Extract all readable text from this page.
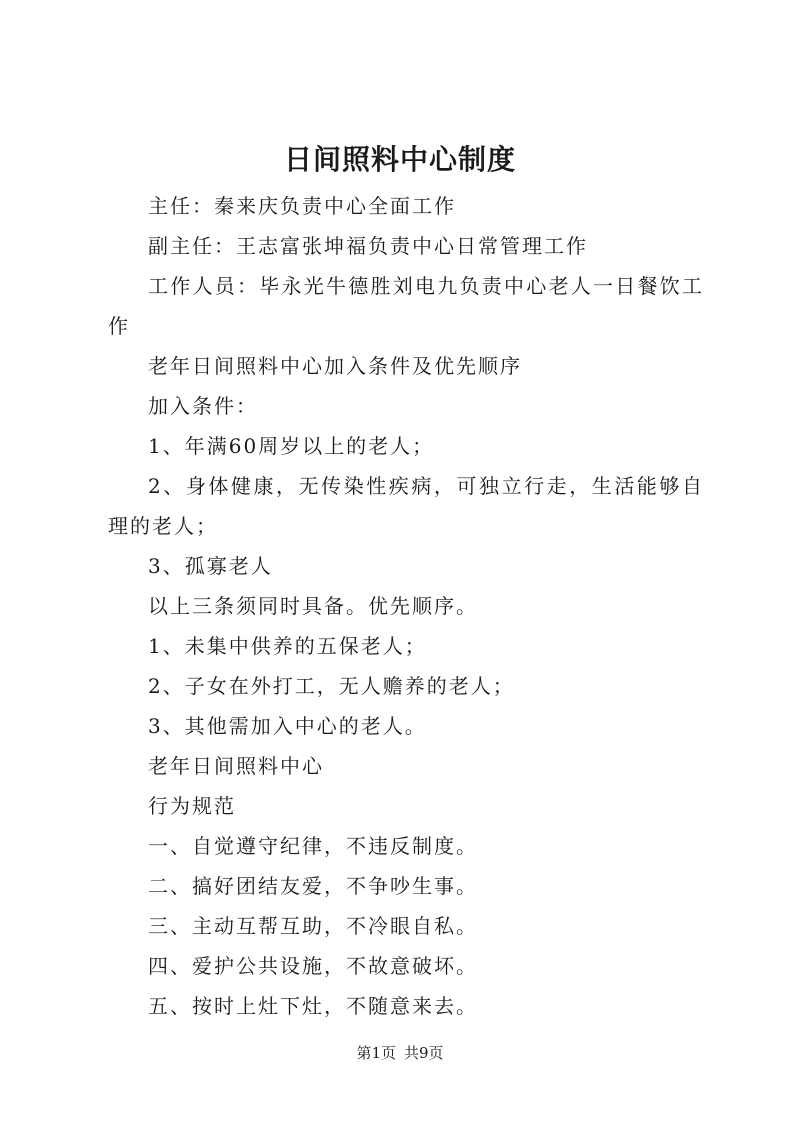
日间照料中心制度

主任：秦来庆负责中心全面工作

副主任：王志富张坤福负责中心日常管理工作

工作人员：毕永光牛德胜刘电九负责中心老人一日餐饮工作

老年日间照料中心加入条件及优先顺序

加入条件：

1、年满60周岁以上的老人；

2、身体健康，无传染性疾病，可独立行走，生活能够自理的老人；

3、孤寡老人

以上三条须同时具备。优先顺序。

1、未集中供养的五保老人；

2、子女在外打工，无人赡养的老人；

3、其他需加入中心的老人。

老年日间照料中心

行为规范

一、自觉遵守纪律，不违反制度。

二、搞好团结友爱，不争吵生事。

三、主动互帮互助，不冷眼自私。

四、爱护公共设施，不故意破坏。

五、按时上灶下灶，不随意来去。

第1页 共9页
